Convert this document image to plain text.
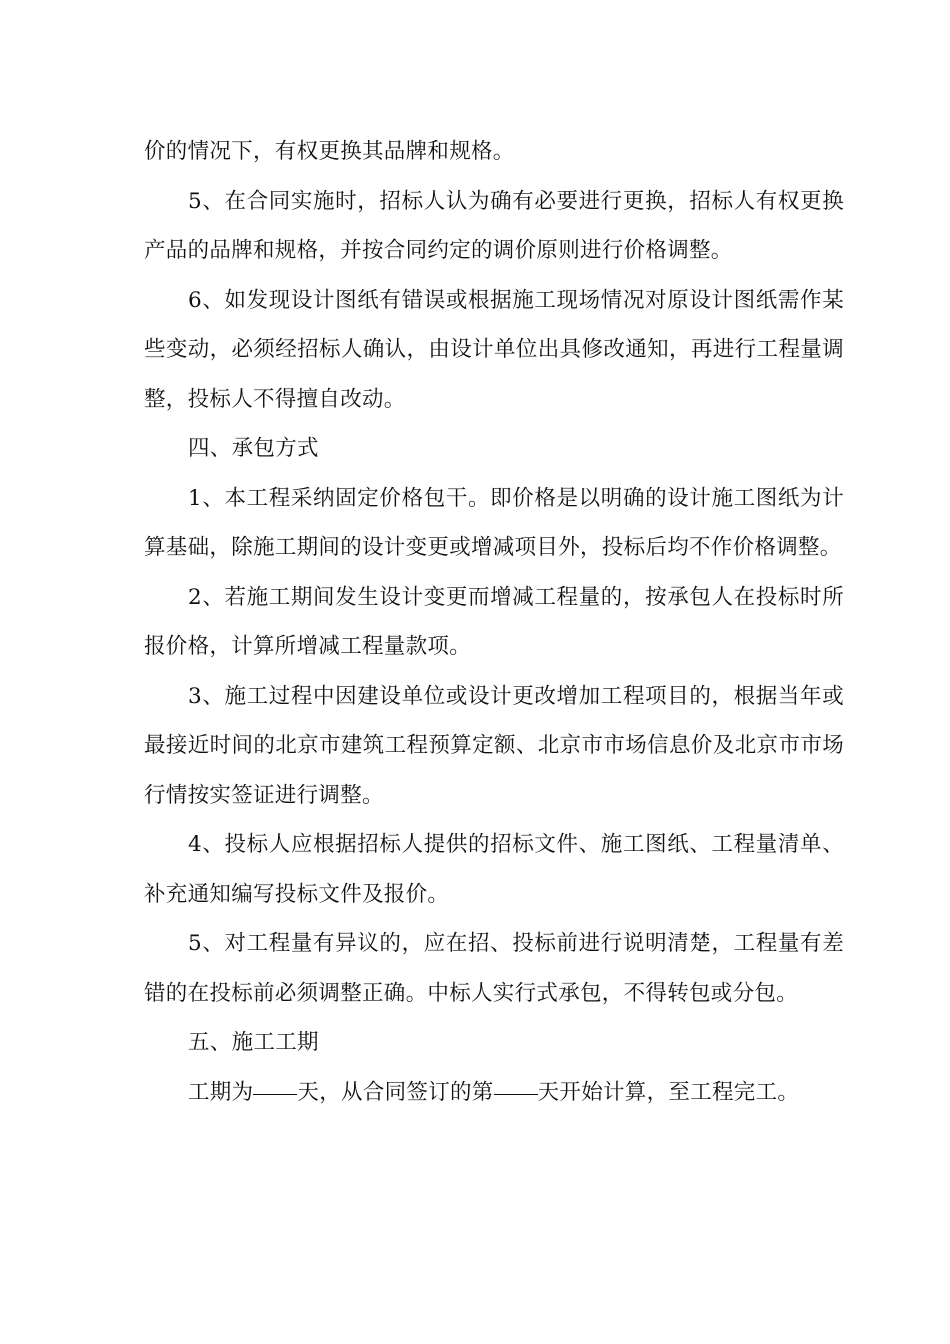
价的情况下，有权更换其品牌和规格。

5、在合同实施时，招标人认为确有必要进行更换，招标人有权更换产品的品牌和规格，并按合同约定的调价原则进行价格调整。

6、如发现设计图纸有错误或根据施工现场情况对原设计图纸需作某些变动，必须经招标人确认，由设计单位出具修改通知，再进行工程量调整，投标人不得擅自改动。

四、承包方式

1、本工程采纳固定价格包干。即价格是以明确的设计施工图纸为计算基础，除施工期间的设计变更或增减项目外，投标后均不作价格调整。

2、若施工期间发生设计变更而增减工程量的，按承包人在投标时所报价格，计算所增减工程量款项。

3、施工过程中因建设单位或设计更改增加工程项目的，根据当年或最接近时间的北京市建筑工程预算定额、北京市市场信息价及北京市市场行情按实签证进行调整。

4、投标人应根据招标人提供的招标文件、施工图纸、工程量清单、补充通知编写投标文件及报价。

5、对工程量有异议的，应在招、投标前进行说明清楚，工程量有差错的在投标前必须调整正确。中标人实行式承包，不得转包或分包。

五、施工工期

工期为 天，从合同签订的第 天开始计算，至工程完工。
